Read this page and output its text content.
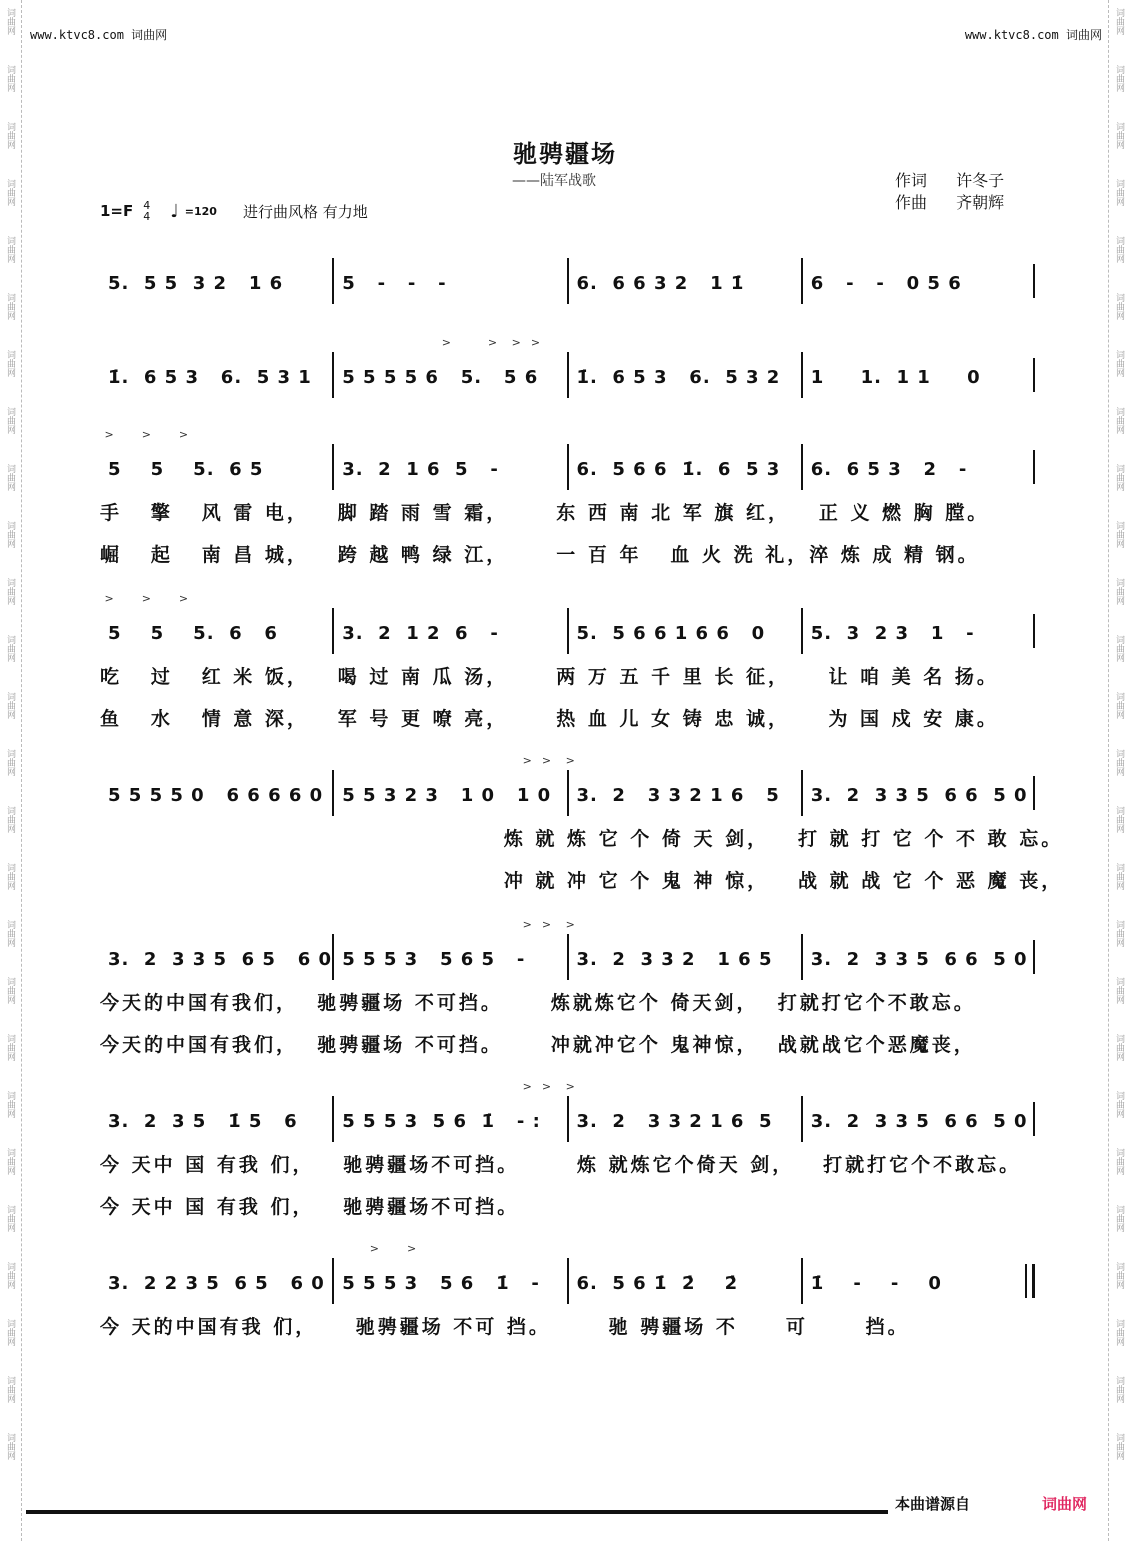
词曲网
词曲网
词曲网
词曲网
词曲网
词曲网
词曲网
词曲网
词曲网
词曲网
词曲网
词曲网
词曲网
词曲网
词曲网
词曲网
词曲网
词曲网
词曲网
词曲网
词曲网
词曲网
词曲网
词曲网
词曲网
词曲网
词曲网
词曲网
词曲网
词曲网
词曲网
词曲网
词曲网
词曲网
词曲网
词曲网
词曲网
词曲网
词曲网
词曲网
词曲网
词曲网
词曲网
词曲网
词曲网
词曲网
词曲网
词曲网
词曲网
词曲网
词曲网
词曲网
www.ktvc8.com 词曲网	www.ktvc8.com 词曲网
驰骋疆场
——陆军战歌	作词 许冬子
作曲 齐朝辉
1=F 4
4 ♩ =120 进行曲风格 有力地
5.  5 5  3 2   1 6	5   -   -   -	6.  6 6 3 2   1 1̇	6   -   -   0 5 6
>        >   >  >
1̇.  6 5 3   6.  5 3 1	5 5 5 5 6   5.   5 6	1̇.  6 5 3   6.  5 3 2	1     1.  1 1     0
>      >      >
5    5    5.  6 5	3.  2  1 6  5   -	6.  5 6 6  1̇.  6  5 3	6.  6 5 3   2   -
手   擎   风 雷 电，   脚 踏 雨 雪 霜，     东 西 南 北 军 旗 红，   正 义 燃 胸 膛。
崛   起   南 昌 城，   跨 越 鸭 绿 江，     一 百 年   血 火 洗 礼，淬 炼 成 精 钢。
>      >      >
5    5    5.  6   6	3.  2  1 2  6   -	5.  5 6 6 1 6 6   0	5.  3  2 3   1   -
吃   过   红 米 饭，   喝 过 南 瓜 汤，     两 万 五 千 里 长 征，    让 咱 美 名 扬。
鱼   水   情 意 深，   军 号 更 嘹 亮，     热 血 儿 女 铸 忠 诚，    为 国 戍 安 康。
>  >   >
5 5 5 5 0   6 6 6 6 0	5 5 3 2 3   1 0   1 0	3.  2   3 3 2 1 6   5	3.  2  3 3 5  6 6  5 0
炼 就 炼 它 个 倚 天 剑，   打 就 打 它 个 不 敢 忘。
冲 就 冲 它 个 鬼 神 惊，   战 就 战 它 个 恶 魔 丧，
>  >   >
3.  2  3 3 5  6 5   6 0 5 5 5 3   5 6 5   -	3.  2  3 3 2   1 6 5	3.  2  3 3 5  6 6  5 0
今天的中国有我们，  驰骋疆场 不可挡。     炼就炼它个 倚天剑，  打就打它个不敢忘。
今天的中国有我们，  驰骋疆场 不可挡。     冲就冲它个 鬼神惊，  战就战它个恶魔丧，
>  >   >
3.  2  3 5   1̇ 5   6	5 5 5 3  5 6  1̇   - :	3.  2   3 3 2 1 6  5	3.  2  3 3 5  6 6  5 0
今 天中 国 有我 们，   驰骋疆场不可挡。      炼 就炼它个倚天 剑，   打就打它个不敢忘。
今 天中 国 有我 们，   驰骋疆场不可挡。
>      >
3.  2 2 3 5  6 5   6 0 5 5 5 3   5 6   1̇   -	6.  5 6 1̇  2̇    2̇	1̇    -    -    0
今 天的中国有我 们，    驰骋疆场 不可 挡。      驰 骋疆场 不     可      挡。
本曲谱源自	词曲网
